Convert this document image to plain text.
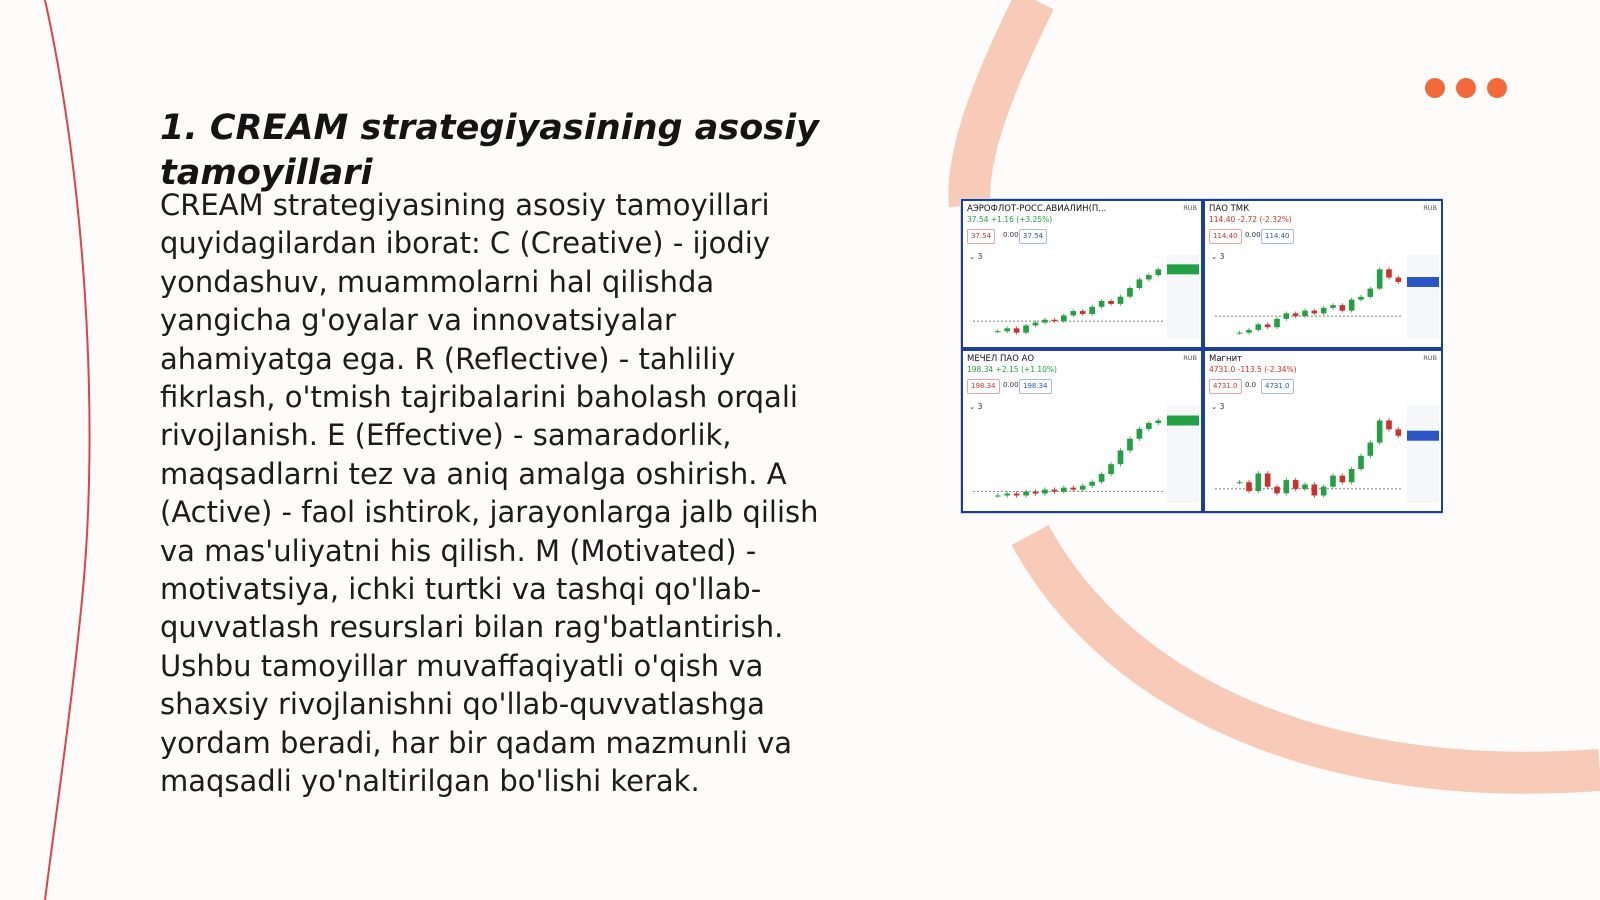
1. CREAM strategiyasining asosiy tamoyillari

CREAM strategiyasining asosiy tamoyillari quyidagilardan iborat: C (Creative) - ijodiy yondashuv, muammolarni hal qilishda yangicha g'oyalar va innovatsiyalar ahamiyatga ega. R (Reflective) - tahliliy fikrlash, o'tmish tajribalarini baholash orqali rivojlanish. E (Effective) - samaradorlik, maqsadlarni tez va aniq amalga oshirish. A (Active) - faol ishtirok, jarayonlarga jalb qilish va mas'uliyatni his qilish. M (Motivated) - motivatsiya, ichki turtki va tashqi qo'llab-quvvatlash resurslari bilan rag'batlantirish. Ushbu tamoyillar muvaffaqiyatli o'qish va shaxsiy rivojlanishni qo'llab-quvvatlashga yordam beradi, har bir qadam mazmunli va maqsadli yo'naltirilgan bo'lishi kerak.

АЭРОФЛОТ-РОСС.АВИАЛИН(П...
37.54 +1.16 (+3.25%)
RUB
37.54	0.00 37.54
⌄ 3
ПАО ТМК
114.40 -2.72 (-2.32%)
RUB
114.40	0.00 114.40
⌄ 3
МЕЧЕЛ ПАО АО
198.34 +2.15 (+1.10%)
RUB
198.34	0.00 198.34
⌄ 3
Магнит
4731.0 -113.5 (-2.34%)
RUB
4731.0	0.0	4731.0
⌄ 3
